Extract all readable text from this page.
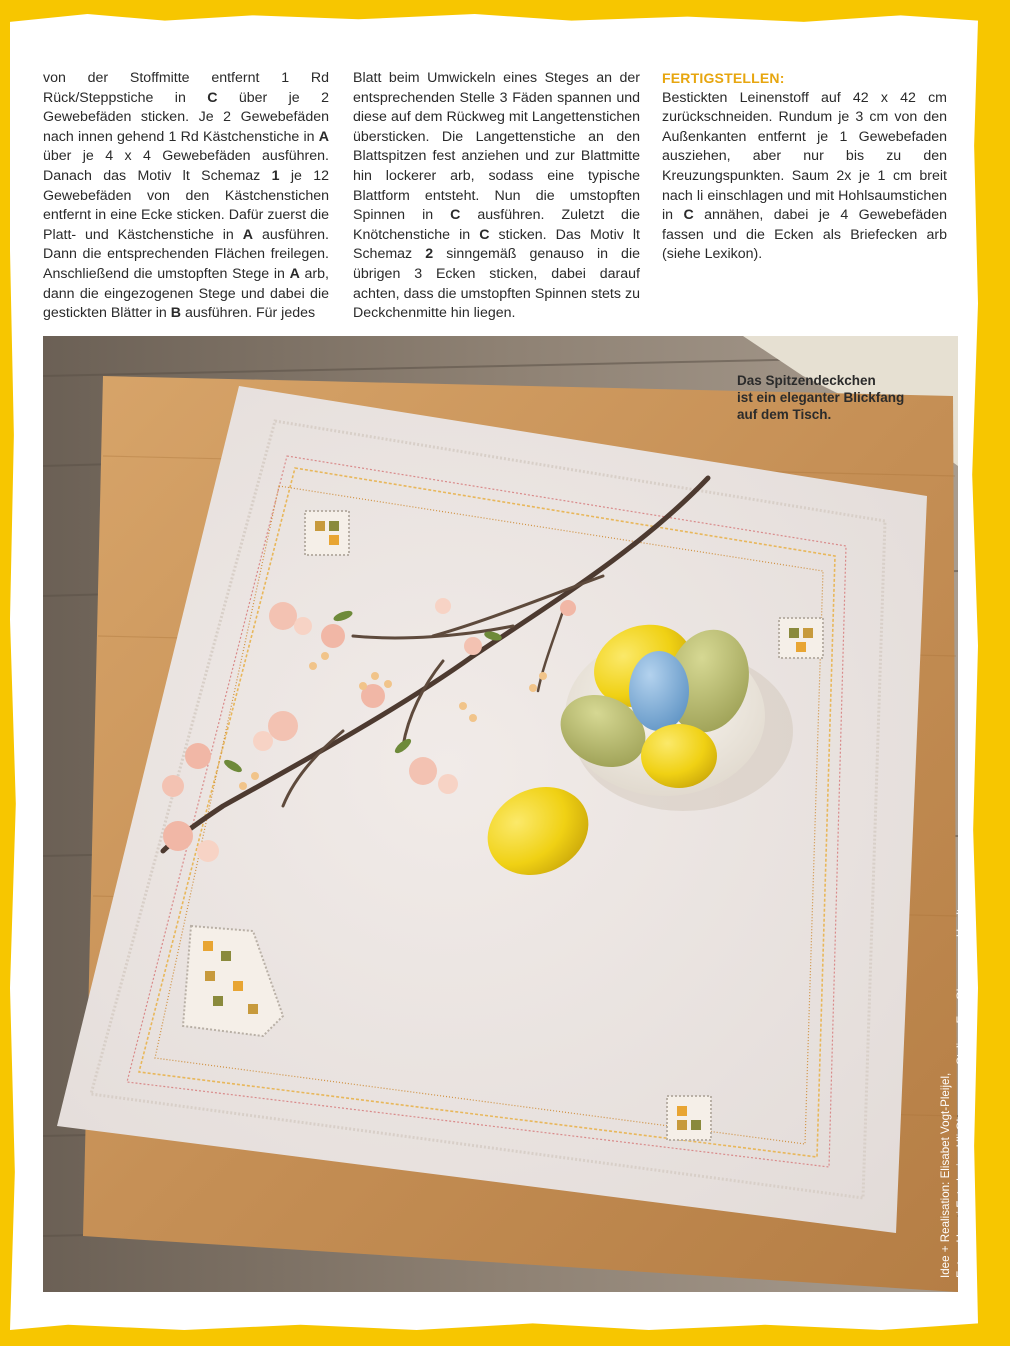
von der Stoffmitte entfernt 1 Rd Rück/Steppstiche in C über je 2 Gewebefäden sticken. Je 2 Gewebefäden nach innen gehend 1 Rd Kästchenstiche in A über je 4 x 4 Gewebefäden ausführen. Danach das Motiv lt Schemaz 1 je 12 Gewebefäden von den Kästchenstichen entfernt in eine Ecke sticken. Dafür zuerst die Platt- und Kästchenstiche in A ausführen. Dann die entsprechenden Flächen freilegen. Anschließend die umstopften Stege in A arb, dann die eingezogenen Stege und dabei die gestickten Blätter in B ausführen. Für jedes

Blatt beim Umwickeln eines Steges an der entsprechenden Stelle 3 Fäden spannen und diese auf dem Rückweg mit Langettenstichen übersticken. Die Langettenstiche an den Blattspitzen fest anziehen und zur Blattmitte hin lockerer arb, sodass eine typische Blattform entsteht. Nun die umstopften Spinnen in C ausführen. Zuletzt die Knötchenstiche in C sticken. Das Motiv lt Schemaz 2 sinngemäß genauso in die übrigen 3 Ecken sticken, dabei darauf achten, dass die umstopften Spinnen stets zu Deckchenmitte hin liegen.

FERTIGSTELLEN:

Bestickten Leinenstoff auf 42 x 42 cm zurückschneiden. Rundum je 3 cm von den Außenkanten entfernt je 1 Gewebefaden ausziehen, aber nur bis zu den Kreuzungspunkten. Saum 2x je 1 cm breit nach li einschlagen und mit Hohlsaumstichen in C annähen, dabei je 4 Gewebefäden fassen und die Ecken als Briefecken arb (siehe Lexikon).

Das Spitzendeckchen
ist ein eleganter Blickfang
auf dem Tisch.
Idee + Realisation: Elisabet Vogt-Pleijel, Fotos: Uzwei Fotodesign Uli Glasemann, Styling: Eva Glasemann-Hardt
